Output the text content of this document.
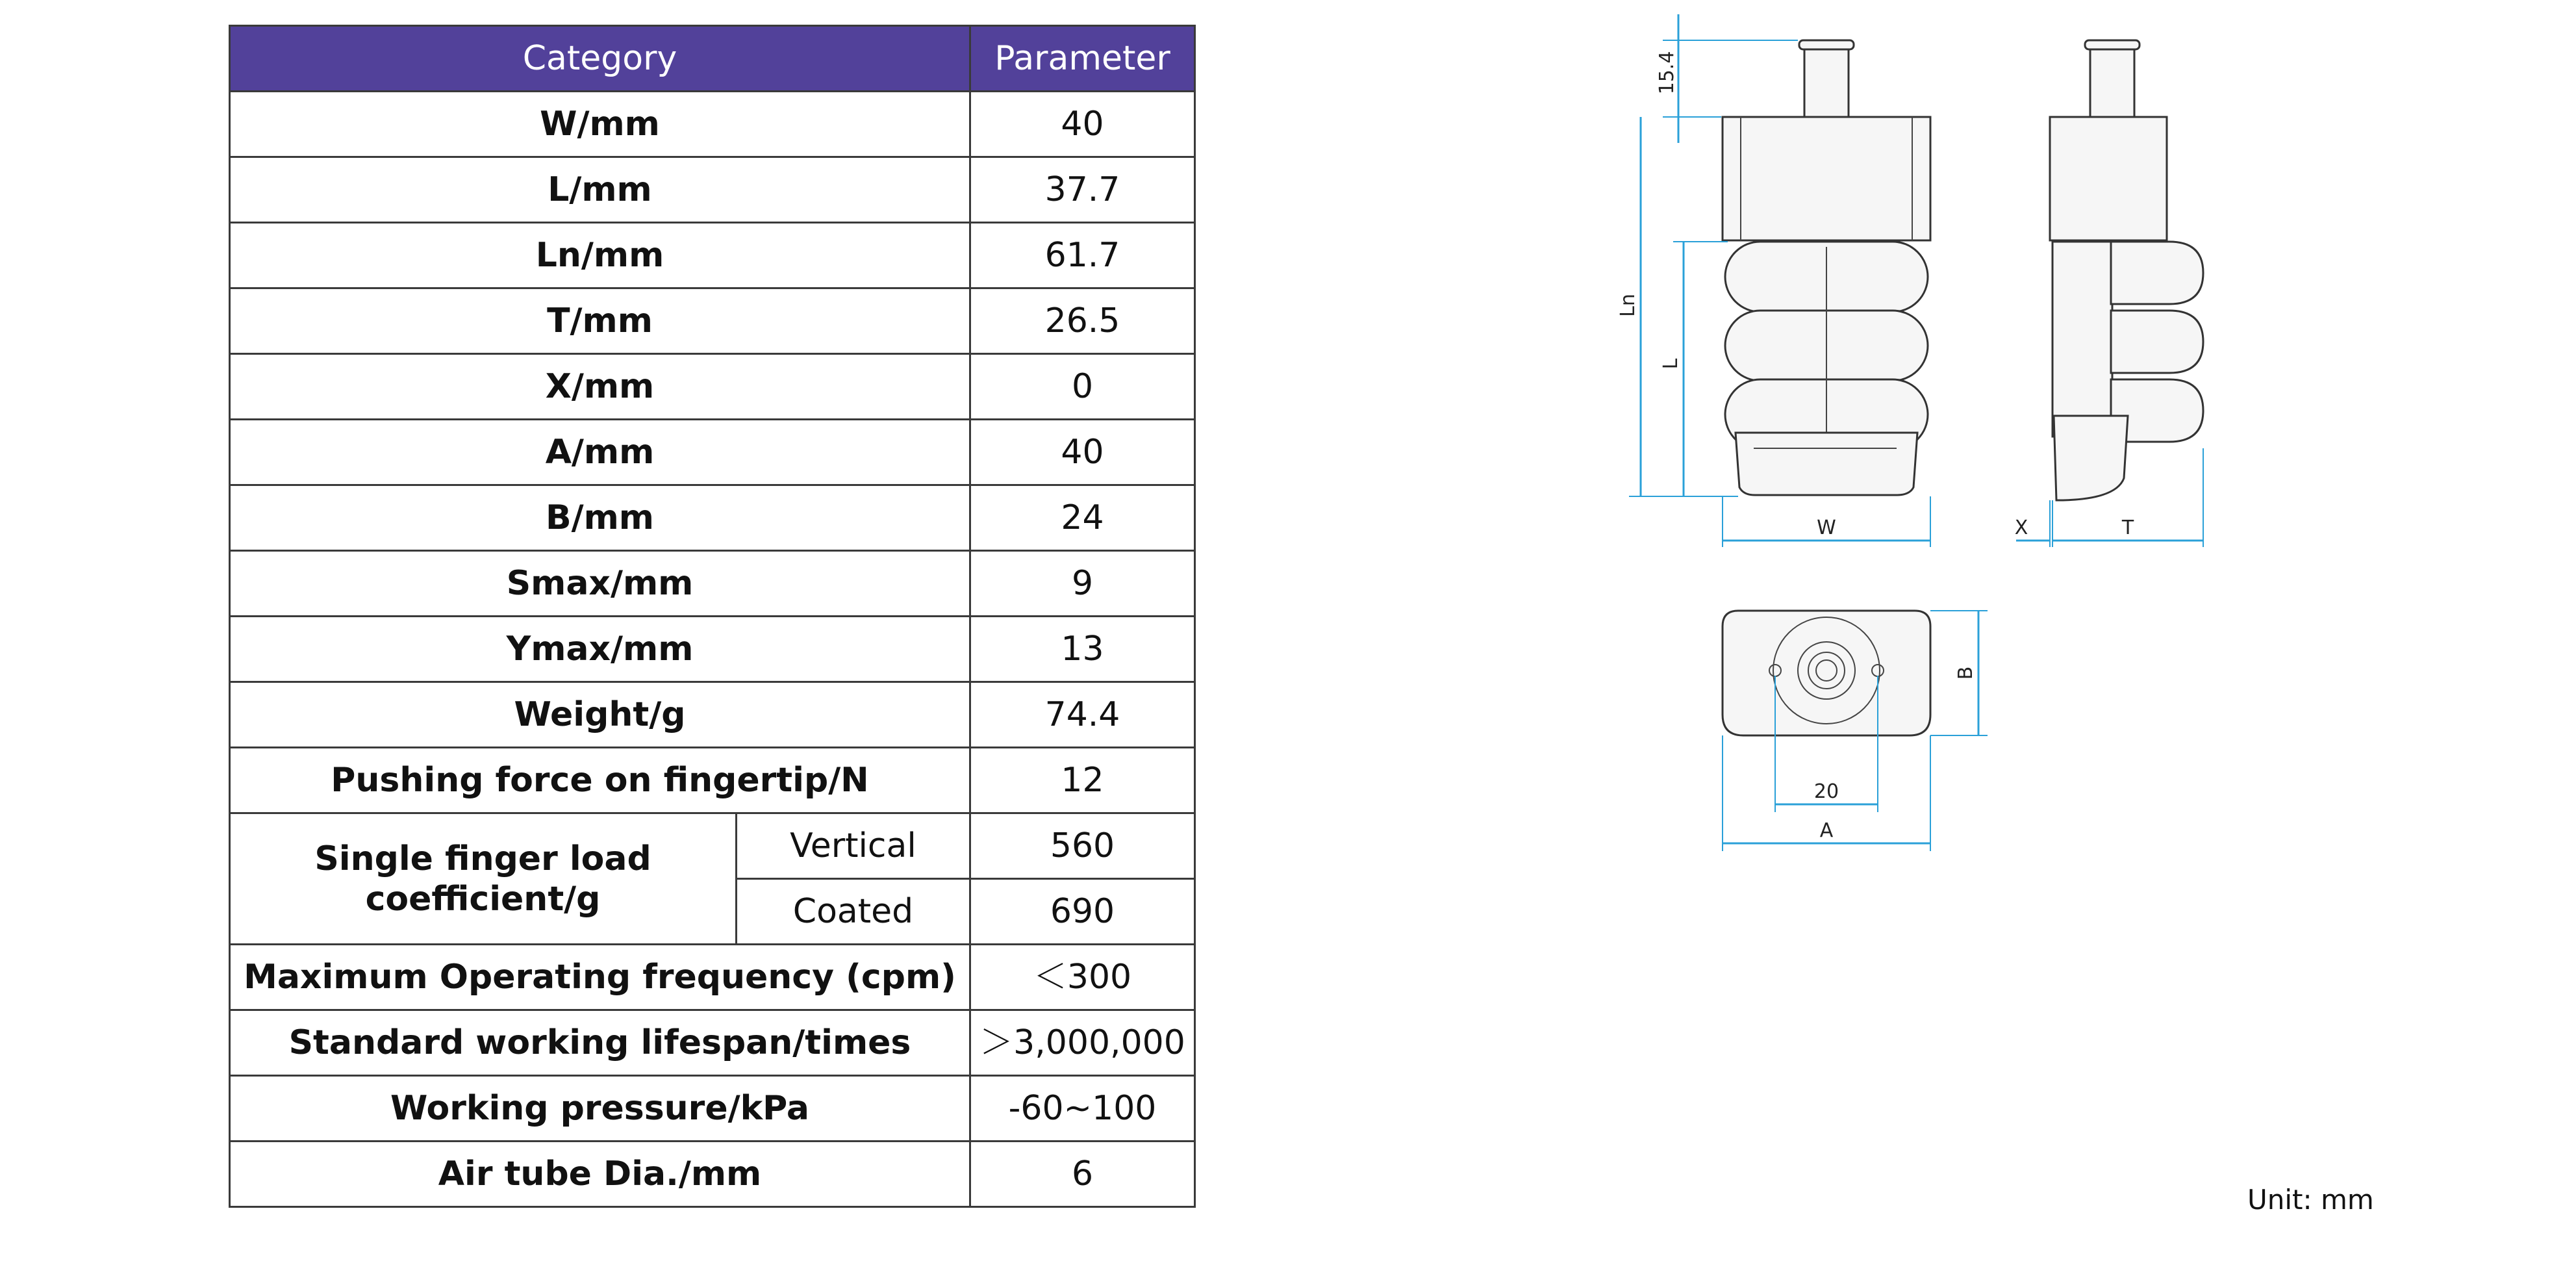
Category		Parameter
W/mm		40
L/mm		37.7
Ln/mm		61.7
T/mm		26.5
X/mm		0
A/mm		40
B/mm		24
Smax/mm		9
Ymax/mm		13
Weight/g		74.4
Pushing force on fingertip/N		12

Single finger load
coefficient/g	Vertical	560
	Coated	690
Maximum Operating frequency (cpm)		＜300
Standard working lifespan/times		＞3,000,000
Working pressure/kPa		-60~100
Air tube Dia./mm		6
15.4
Ln
L
W	X	T
B
20
A
Unit: mm
